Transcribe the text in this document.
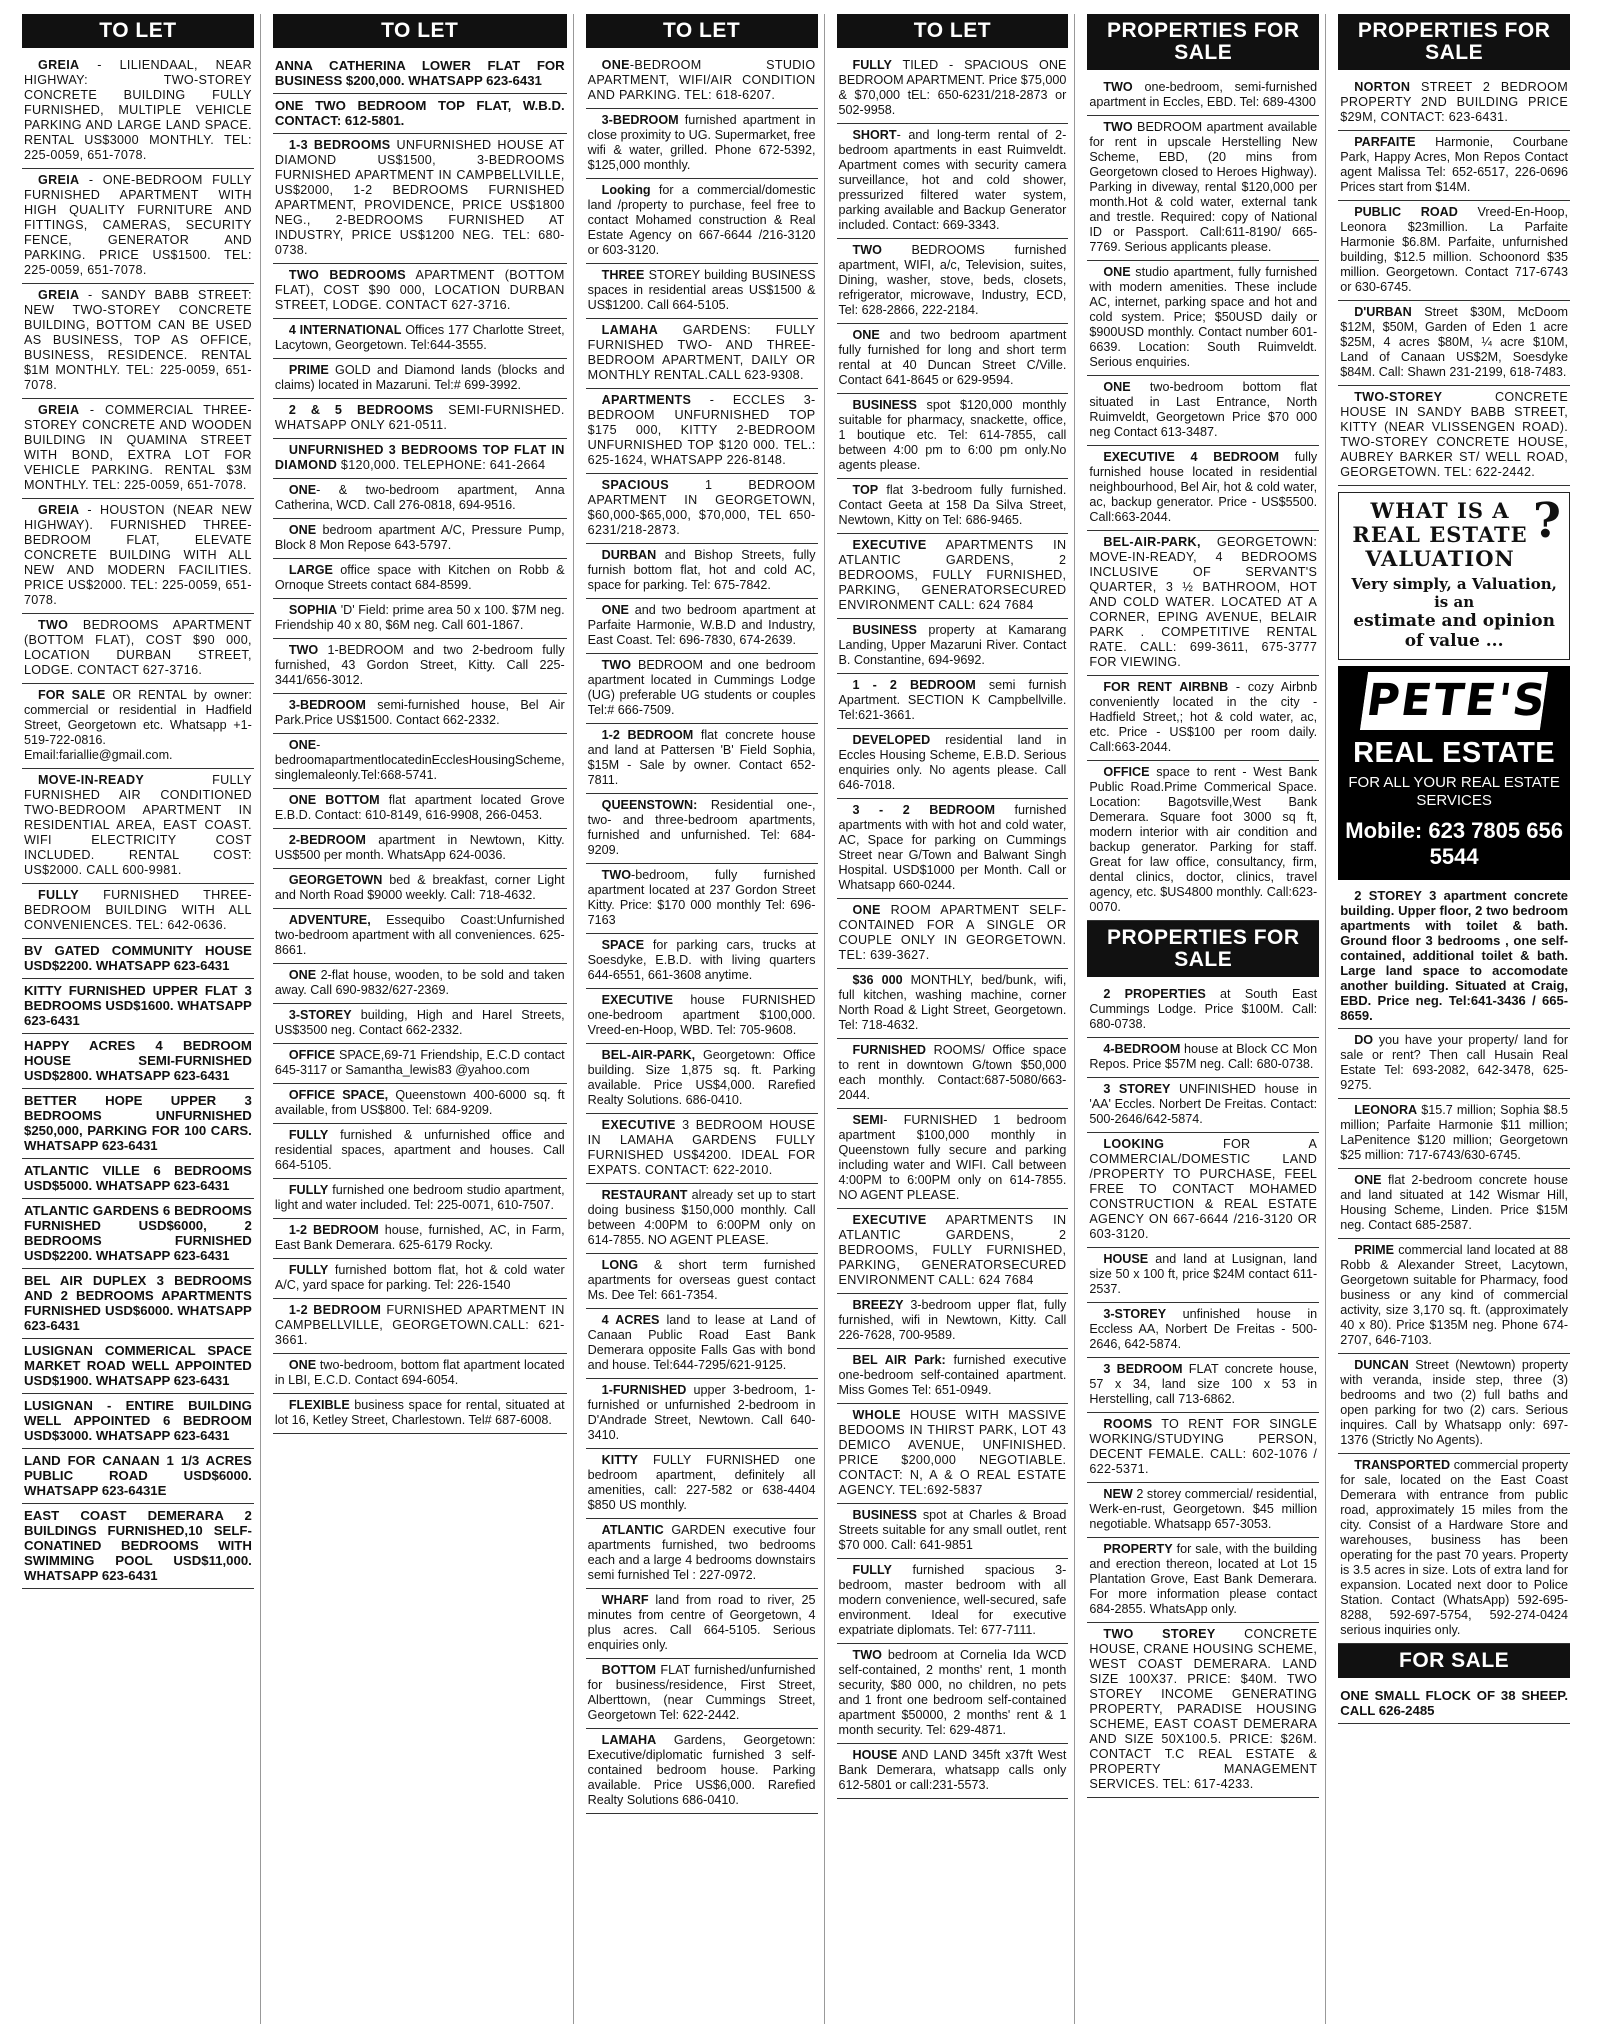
TO LET
GREIA - LILIENDAAL, NEAR HIGHWAY: TWO-STOREY CONCRETE BUILDING FULLY FURNISHED, MULTIPLE VEHICLE PARKING AND LARGE LAND SPACE. RENTAL US$3000 MONTHLY. TEL: 225-0059, 651-7078.
GREIA - ONE-BEDROOM FULLY FURNISHED APARTMENT WITH HIGH QUALITY FURNITURE AND FITTINGS, CAMERAS, SECURITY FENCE, GENERATOR AND PARKING. PRICE US$1500. TEL: 225-0059, 651-7078.
GREIA - SANDY BABB STREET: NEW TWO-STOREY CONCRETE BUILDING, BOTTOM CAN BE USED AS BUSINESS, TOP AS OFFICE, BUSINESS, RESIDENCE. RENTAL $1M MONTHLY. TEL: 225-0059, 651-7078.
GREIA - COMMERCIAL THREE-STOREY CONCRETE AND WOODEN BUILDING IN QUAMINA STREET WITH BOND, EXTRA LOT FOR VEHICLE PARKING. RENTAL $3M MONTHLY. TEL: 225-0059, 651-7078.
GREIA - HOUSTON (NEAR NEW HIGHWAY). FURNISHED THREE-BEDROOM FLAT, ELEVATE CONCRETE BUILDING WITH ALL NEW AND MODERN FACILITIES. PRICE US$2000. TEL: 225-0059, 651-7078.
TWO BEDROOMS APARTMENT (BOTTOM FLAT), COST $90 000, LOCATION DURBAN STREET, LODGE. CONTACT 627-3716.
FOR SALE OR RENTAL by owner: commercial or residential in Hadfield Street, Georgetown etc. Whatsapp +1-519-722-0816. Email:fariallie@gmail.com.
MOVE-IN-READY FULLY FURNISHED AIR CONDITIONED TWO-BEDROOM APARTMENT IN RESIDENTIAL AREA, EAST COAST. WIFI ELECTRICITY COST INCLUDED. RENTAL COST: US$2000. CALL 600-9981.
FULLY FURNISHED THREE-BEDROOM BUILDING WITH ALL CONVENIENCES. TEL: 642-0636.
BV GATED COMMUNITY HOUSE USD$2200. WHATSAPP 623-6431
KITTY FURNISHED UPPER FLAT 3 BEDROOMS USD$1600. WHATSAPP 623-6431
HAPPY ACRES 4 BEDROOM HOUSE SEMI-FURNISHED USD$2800. WHATSAPP 623-6431
BETTER HOPE UPPER 3 BEDROOMS UNFURNISHED $250,000, PARKING FOR 100 CARS. WHATSAPP 623-6431
ATLANTIC VILLE 6 BEDROOMS USD$5000. WHATSAPP 623-6431
ATLANTIC GARDENS 6 BEDROOMS FURNISHED USD$6000, 2 BEDROOMS FURNISHED USD$2200. WHATSAPP 623-6431
BEL AIR DUPLEX 3 BEDROOMS AND 2 BEDROOMS APARTMENTS FURNISHED USD$6000. WHATSAPP 623-6431
LUSIGNAN COMMERICAL SPACE MARKET ROAD WELL APPOINTED USD$1900. WHATSAPP 623-6431
LUSIGNAN - ENTIRE BUILDING WELL APPOINTED 6 BEDROOM USD$3000. WHATSAPP 623-6431
LAND FOR CANAAN 1 1/3 ACRES PUBLIC ROAD USD$6000. WHATSAPP 623-6431E
EAST COAST DEMERARA 2 BUILDINGS FURNISHED,10 SELF-CONATINED BEDROOMS WITH SWIMMING POOL USD$11,000. WHATSAPP 623-6431
TO LET
ANNA CATHERINA LOWER FLAT FOR BUSINESS $200,000. WHATSAPP 623-6431
ONE TWO BEDROOM TOP FLAT, W.B.D. CONTACT: 612-5801.
1-3 BEDROOMS UNFURNISHED HOUSE AT DIAMOND US$1500, 3-BEDROOMS FURNISHED APARTMENT IN CAMPBELLVILLE, US$2000, 1-2 BEDROOMS FURNISHED APARTMENT, PROVIDENCE, PRICE US$1800 NEG., 2-BEDROOMS FURNISHED AT INDUSTRY, PRICE US$1200 NEG. TEL: 680-0738.
TWO BEDROOMS APARTMENT (BOTTOM FLAT), COST $90 000, LOCATION DURBAN STREET, LODGE. CONTACT 627-3716.
4 INTERNATIONAL Offices 177 Charlotte Street, Lacytown, Georgetown. Tel:644-3555.
PRIME GOLD and Diamond lands (blocks and claims) located in Mazaruni. Tel:# 699-3992.
2 & 5 BEDROOMS SEMI-FURNISHED. WHATSAPP ONLY 621-0511.
UNFURNISHED 3 BEDROOMS TOP FLAT IN DIAMOND $120,000. TELEPHONE: 641-2664
ONE- & two-bedroom apartment, Anna Catherina, WCD. Call 276-0818, 694-9516.
ONE bedroom apartment A/C, Pressure Pump, Block 8 Mon Repose 643-5797.
LARGE office space with Kitchen on Robb & Ornoque Streets contact 684-8599.
SOPHIA 'D' Field: prime area 50 x 100. $7M neg. Friendship 40 x 80, $6M neg. Call 601-1867.
TWO 1-BEDROOM and two 2-bedroom fully furnished, 43 Gordon Street, Kitty. Call 225- 3441/656-3012.
3-BEDROOM semi-furnished house, Bel Air Park.Price US$1500. Contact 662-2332.
ONE-bedroomapartmentlocatedinEcclesHousingScheme, singlemaleonly.Tel:668-5741.
ONE BOTTOM flat apartment located Grove E.B.D. Contact: 610-8149, 616-9908, 266-0453.
2-BEDROOM apartment in Newtown, Kitty. US$500 per month. WhatsApp 624-0036.
GEORGETOWN bed & breakfast, corner Light and North Road $9000 weekly. Call: 718-4632.
ADVENTURE, Essequibo Coast:Unfurnished two-bedroom apartment with all conveniences. 625-8661.
ONE 2-flat house, wooden, to be sold and taken away. Call 690-9832/627-2369.
3-STOREY building, High and Harel Streets, US$3500 neg. Contact 662-2332.
OFFICE SPACE,69-71 Friendship, E.C.D contact 645-3117 or Samantha_lewis83 @yahoo.com
OFFICE SPACE, Queenstown 400-6000 sq. ft available, from US$800. Tel: 684-9209.
FULLY furnished & unfurnished office and residential spaces, apartment and houses. Call 664-5105.
FULLY furnished one bedroom studio apartment, light and water included. Tel: 225-0071, 610-7507.
1-2 BEDROOM house, furnished, AC, in Farm, East Bank Demerara. 625-6179 Rocky.
FULLY furnished bottom flat, hot & cold water A/C, yard space for parking. Tel: 226-1540
1-2 BEDROOM FURNISHED APARTMENT IN CAMPBELLVILLE, GEORGETOWN.CALL: 621-3661.
ONE two-bedroom, bottom flat apartment located in LBI, E.C.D. Contact 694-6054.
FLEXIBLE business space for rental, situated at lot 16, Ketley Street, Charlestown. Tel# 687-6008.
TO LET
ONE-BEDROOM STUDIO APARTMENT, WIFI/AIR CONDITION AND PARKING. TEL: 618-6207.
3-BEDROOM furnished apartment in close proximity to UG. Supermarket, free wifi & water, grilled. Phone 672-5392, $125,000 monthly.
Looking for a commercial/domestic land /property to purchase, feel free to contact Mohamed construction & Real Estate Agency on 667-6644 /216-3120 or 603-3120.
THREE STOREY building BUSINESS spaces in residential areas US$1500 & US$1200. Call 664-5105.
LAMAHA GARDENS: FULLY FURNISHED TWO- AND THREE-BEDROOM APARTMENT, DAILY OR MONTHLY RENTAL.CALL 623-9308.
APARTMENTS - ECCLES 3-BEDROOM UNFURNISHED TOP $175 000, KITTY 2-BEDROOM UNFURNISHED TOP $120 000. TEL.: 625-1624, WHATSAPP 226-8148.
SPACIOUS 1 BEDROOM APARTMENT IN GEORGETOWN, $60,000-$65,000, $70,000, TEL 650-6231/218-2873.
DURBAN and Bishop Streets, fully furnish bottom flat, hot and cold AC, space for parking. Tel: 675-7842.
ONE and two bedroom apartment at Parfaite Harmonie, W.B.D and Industry, East Coast. Tel: 696-7830, 674-2639.
TWO BEDROOM and one bedroom apartment located in Cummings Lodge (UG) preferable UG students or couples Tel:# 666-7509.
1-2 BEDROOM flat concrete house and land at Pattersen 'B' Field Sophia, $15M - Sale by owner. Contact 652-7811.
QUEENSTOWN: Residential one-, two- and three-bedroom apartments, furnished and unfurnished. Tel: 684-9209.
TWO-bedroom, fully furnished apartment located at 237 Gordon Street Kitty. Price: $170 000 monthly Tel: 696-7163
SPACE for parking cars, trucks at Soesdyke, E.B.D. with living quarters 644-6551, 661-3608 anytime.
EXECUTIVE house FURNISHED one-bedroom apartment $100,000. Vreed-en-Hoop, WBD. Tel: 705-9608.
BEL-AIR-PARK, Georgetown: Office building. Size 1,875 sq. ft. Parking available. Price US$4,000. Rarefied Realty Solutions. 686-0410.
EXECUTIVE 3 BEDROOM HOUSE IN LAMAHA GARDENS FULLY FURNISHED US$4200. IDEAL FOR EXPATS. CONTACT: 622-2010.
RESTAURANT already set up to start doing business $150,000 monthly. Call between 4:00PM to 6:00PM only on 614-7855. NO AGENT PLEASE.
LONG & short term furnished apartments for overseas guest contact Ms. Dee Tel: 661-7354.
4 ACRES land to lease at Land of Canaan Public Road East Bank Demerara opposite Falls Gas with bond and house. Tel:644-7295/621-9125.
1-FURNISHED upper 3-bedroom, 1-furnished or unfurnished 2-bedroom in D'Andrade Street, Newtown. Call 640-3410.
KITTY FULLY FURNISHED one bedroom apartment, definitely all amenities, call: 227-582 or 638-4404 $850 US monthly.
ATLANTIC GARDEN executive four apartments furnished, two bedrooms each and a large 4 bedrooms downstairs semi furnished Tel : 227-0972.
WHARF land from road to river, 25 minutes from centre of Georgetown, 4 plus acres. Call 664-5105. Serious enquiries only.
BOTTOM FLAT furnished/unfurnished for business/residence, First Street, Alberttown, (near Cummings Street, Georgetown Tel: 622-2442.
LAMAHA Gardens, Georgetown: Executive/diplomatic furnished 3 self-contained bedroom house. Parking available. Price US$6,000. Rarefied Realty Solutions 686-0410.
TO LET
FULLY TILED - SPACIOUS ONE BEDROOM APARTMENT. Price $75,000 & $70,000 tEL: 650-6231/218-2873 or 502-9958.
SHORT- and long-term rental of 2-bedroom apartments in east Ruimveldt. Apartment comes with security camera surveillance, hot and cold shower, pressurized filtered water system, parking available and Backup Generator included. Contact: 669-3343.
TWO BEDROOMS furnished apartment, WIFI, a/c, Television, suites, Dining, washer, stove, beds, closets, refrigerator, microwave, Industry, ECD, Tel: 628-2866, 222-2184.
ONE and two bedroom apartment fully furnished for long and short term rental at 40 Duncan Street C/Ville. Contact 641-8645 or 629-9594.
BUSINESS spot $120,000 monthly suitable for pharmacy, snackette, office, 1 boutique etc. Tel: 614-7855, call between 4:00 pm to 6:00 pm only.No agents please.
TOP flat 3-bedroom fully furnished. Contact Geeta at 158 Da Silva Street, Newtown, Kitty on Tel: 686-9465.
EXECUTIVE APARTMENTS IN ATLANTIC GARDENS, 2 BEDROOMS, FULLY FURNISHED, PARKING, GENERATORSECURED ENVIRONMENT CALL: 624 7684
BUSINESS property at Kamarang Landing, Upper Mazaruni River. Contact B. Constantine, 694-9692.
1 - 2 BEDROOM semi furnish Apartment. SECTION K Campbellville. Tel:621-3661.
DEVELOPED residential land in Eccles Housing Scheme, E.B.D. Serious enquiries only. No agents please. Call 646-7018.
3 - 2 BEDROOM furnished apartments with with hot and cold water, AC, Space for parking on Cummings Street near G/Town and Balwant Singh Hospital. USD$1000 per Month. Call or Whatsapp 660-0244.
ONE ROOM APARTMENT SELF-CONTAINED FOR A SINGLE OR COUPLE ONLY IN GEORGETOWN. TEL: 639-3627.
$36 000 MONTHLY, bed/bunk, wifi, full kitchen, washing machine, corner North Road & Light Street, Georgetown. Tel: 718-4632.
FURNISHED ROOMS/ Office space to rent in downtown G/town $50,000 each monthly. Contact:687-5080/663-2044.
SEMI- FURNISHED 1 bedroom apartment $100,000 monthly in Queenstown fully secure and parking including water and WIFI. Call between 4:00PM to 6:00PM only on 614-7855. NO AGENT PLEASE.
EXECUTIVE APARTMENTS IN ATLANTIC GARDENS, 2 BEDROOMS, FULLY FURNISHED, PARKING, GENERATORSECURED ENVIRONMENT CALL: 624 7684
BREEZY 3-bedroom upper flat, fully furnished, wifi in Newtown, Kitty. Call 226-7628, 700-9589.
BEL AIR Park: furnished executive one-bedroom self-contained apartment. Miss Gomes Tel: 651-0949.
WHOLE HOUSE WITH MASSIVE BEDOOMS IN THIRST PARK, LOT 43 DEMICO AVENUE, UNFINISHED. PRICE $200,000 NEGOTIABLE. CONTACT: N, A & O REAL ESTATE AGENCY. TEL:692-5837
BUSINESS spot at Charles & Broad Streets suitable for any small outlet, rent $70 000. Call: 641-9851
FULLY furnished spacious 3-bedroom, master bedroom with all modern convenience, well-secured, safe environment. Ideal for executive expatriate diplomats. Tel: 677-7111.
TWO bedroom at Cornelia Ida WCD self-contained, 2 months' rent, 1 month security, $80 000, no children, no pets and 1 front one bedroom self-contained apartment $50000, 2 months' rent & 1 month security. Tel: 629-4871.
HOUSE AND LAND 345ft x37ft West Bank Demerara, whatsapp calls only 612-5801 or call:231-5573.
PROPERTIES FOR SALE
TWO one-bedroom, semi-furnished apartment in Eccles, EBD. Tel: 689-4300
TWO BEDROOM apartment available for rent in upscale Herstelling New Scheme, EBD, (20 mins from Georgetown closed to Heroes Highway). Parking in diveway, rental $120,000 per month.Hot & cold water, external tank and trestle. Required: copy of National ID or Passport. Call:611-8190/ 665-7769. Serious applicants please.
ONE studio apartment, fully furnished with modern amenities. These include AC, internet, parking space and hot and cold system. Price; $50USD daily or $900USD monthly. Contact number 601-6639. Location: South Ruimveldt. Serious enquiries.
ONE two-bedroom bottom flat situated in Last Entrance, North Ruimveldt, Georgetown Price $70 000 neg Contact 613-3487.
EXECUTIVE 4 BEDROOM fully furnished house located in residential neighbourhood, Bel Air, hot & cold water, ac, backup generator. Price - US$5500. Call:663-2044.
BEL-AIR-PARK, GEORGETOWN: MOVE-IN-READY, 4 BEDROOMS INCLUSIVE OF SERVANT'S QUARTER, 3 ½ BATHROOM, HOT AND COLD WATER. LOCATED AT A CORNER, EPING AVENUE, BELAIR PARK . COMPETITIVE RENTAL RATE. CALL: 699-3611, 675-3777 FOR VIEWING.
FOR RENT AIRBNB - cozy Airbnb conveniently located in the city - Hadfield Street,; hot & cold water, ac, etc. Price - US$100 per room daily. Call:663-2044.
OFFICE space to rent - West Bank Public Road.Prime Commerical Space. Location: Bagotsville,West Bank Demerara. Square foot 3000 sq ft, modern interior with air condition and backup generator. Parking for staff. Great for law office, consultancy, firm, dental clinics, doctor, clinics, travel agency, etc. $US4800 monthly. Call:623-0070.
PROPERTIES FOR SALE
2 PROPERTIES at South East Cummings Lodge. Price $100M. Call: 680-0738.
4-BEDROOM house at Block CC Mon Repos. Price $57M neg. Call: 680-0738.
3 STOREY UNFINISHED house in 'AA' Eccles. Norbert De Freitas. Contact: 500-2646/642-5874.
LOOKING FOR A COMMERCIAL/DOMESTIC LAND /PROPERTY TO PURCHASE, FEEL FREE TO CONTACT MOHAMED CONSTRUCTION & REAL ESTATE AGENCY ON 667-6644 /216-3120 OR 603-3120.
HOUSE and land at Lusignan, land size 50 x 100 ft, price $24M contact 611-2537.
3-STOREY unfinished house in Eccless AA, Norbert De Freitas - 500-2646, 642-5874.
3 BEDROOM FLAT concrete house, 57 x 34, land size 100 x 53 in Herstelling, call 713-6862.
ROOMS TO RENT FOR SINGLE WORKING/STUDYING PERSON, DECENT FEMALE. CALL: 602-1076 / 622-5371.
NEW 2 storey commercial/ residential, Werk-en-rust, Georgetown. $45 million negotiable. Whatsapp 657-3053.
PROPERTY for sale, with the building and erection thereon, located at Lot 15 Plantation Grove, East Bank Demerara. For more information please contact 684-2855. WhatsApp only.
TWO STOREY CONCRETE HOUSE, CRANE HOUSING SCHEME, WEST COAST DEMERARA. LAND SIZE 100X37. PRICE: $40M. TWO STOREY INCOME GENERATING PROPERTY, PARADISE HOUSING SCHEME, EAST COAST DEMERARA AND SIZE 50X100.5. PRICE: $26M. CONTACT T.C REAL ESTATE & PROPERTY MANAGEMENT SERVICES. TEL: 617-4233.
PROPERTIES FOR SALE
NORTON STREET 2 BEDROOM PROPERTY 2ND BUILDING PRICE $29M, CONTACT: 623-6431.
PARFAITE Harmonie, Courbane Park, Happy Acres, Mon Repos Contact agent Malissa Tel: 652-6517, 226-0696 Prices start from $14M.
PUBLIC ROAD Vreed-En-Hoop, Leonora $23million. La Parfaite Harmonie $6.8M. Parfaite, unfurnished building, $12.5 million. Schoonord $35 million. Georgetown. Contact 717-6743 or 630-6745.
D'URBAN Street $30M, McDoom $12M, $50M, Garden of Eden 1 acre $25M, 4 acres $80M, ¼ acre $10M, Land of Canaan US$2M, Soesdyke $84M. Call: Shawn 231-2199, 618-7483.
TWO-STOREY CONCRETE HOUSE IN SANDY BABB STREET, KITTY (NEAR VLISSENGEN ROAD). TWO-STOREY CONCRETE HOUSE, AUBREY BARKER ST/ WELL ROAD, GEORGETOWN. TEL: 622-2442.
?
WHAT IS A REAL ESTATE VALUATION
Very simply, a Valuation, is an
estimate and opinion of value ...
PETE'S
REAL ESTATE
FOR ALL YOUR REAL ESTATE SERVICES
Mobile: 623 7805 656 5544
2 STOREY 3 apartment concrete building. Upper floor, 2 two bedroom apartments with toilet & bath. Ground floor 3 bedrooms , one self-contained, additional toilet & bath. Large land space to accomodate another building. Situated at Craig, EBD. Price neg. Tel:641-3436 / 665-8659.
DO you have your property/ land for sale or rent? Then call Husain Real Estate Tel: 693-2082, 642-3478, 625-9275.
LEONORA $15.7 million; Sophia $8.5 million; Parfaite Harmonie $11 million; LaPenitence $120 million; Georgetown $25 million: 717-6743/630-6745.
ONE flat 2-bedroom concrete house and land situated at 142 Wismar Hill, Housing Scheme, Linden. Price $15M neg. Contact 685-2587.
PRIME commercial land located at 88 Robb & Alexander Street, Lacytown, Georgetown suitable for Pharmacy, food business or any kind of commercial activity, size 3,170 sq. ft. (approximately 40 x 80). Price $135M neg. Phone 674-2707, 646-7103.
DUNCAN Street (Newtown) property with veranda, inside step, three (3) bedrooms and two (2) full baths and open parking for two (2) cars. Serious inquires. Call by Whatsapp only: 697-1376 (Strictly No Agents).
TRANSPORTED commercial property for sale, located on the East Coast Demerara with entrance from public road, approximately 15 miles from the city. Consist of a Hardware Store and warehouses, business has been operating for the past 70 years. Property is 3.5 acres in size. Lots of extra land for expansion. Located next door to Police Station. Contact (WhatsApp) 592-695-8288, 592-697-5754, 592-274-0424 serious inquiries only.
FOR SALE
ONE SMALL FLOCK OF 38 SHEEP. CALL 626-2485
